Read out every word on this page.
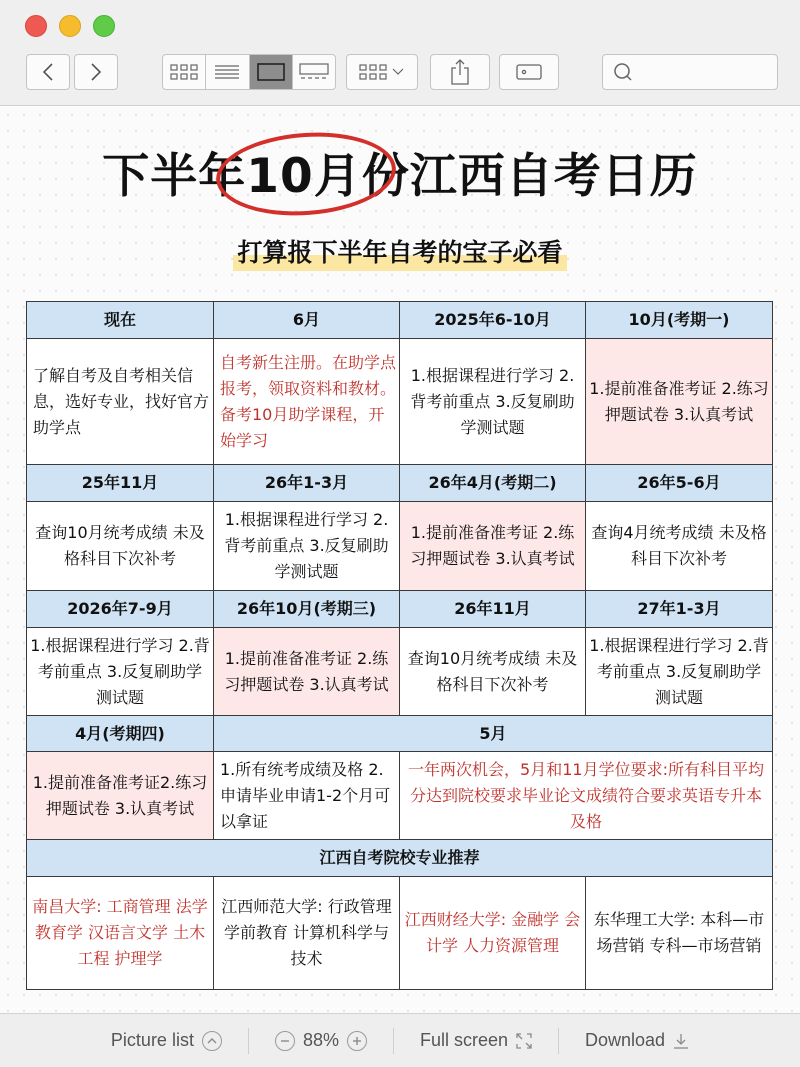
下半年10月份江西自考日历
打算报下半年自考的宝子必看
现在	6月	2025年6-10月	10月(考期一)
了解自考及自考相关信息，选好专业，找好官方助学点	自考新生注册。在助学点报考，领取资料和教材。备考10月助学课程，开始学习	1.根据课程进行学习 2.背考前重点 3.反复刷助学测试题	1.提前准备准考证 2.练习押题试卷 3.认真考试
25年11月	26年1-3月	26年4月(考期二)	26年5-6月
查询10月统考成绩 未及格科目下次补考	1.根据课程进行学习 2.背考前重点 3.反复刷助学测试题	1.提前准备准考证 2.练习押题试卷 3.认真考试	查询4月统考成绩 未及格科目下次补考
2026年7-9月	26年10月(考期三)	26年11月	27年1-3月
1.根据课程进行学习 2.背考前重点 3.反复刷助学测试题	1.提前准备准考证 2.练习押题试卷 3.认真考试	查询10月统考成绩 未及格科目下次补考	1.根据课程进行学习 2.背考前重点 3.反复刷助学测试题
4月(考期四)	5月		
1.提前准备准考证2.练习押题试卷 3.认真考试	1.所有统考成绩及格 2.申请毕业申请1-2个月可以拿证	一年两次机会，5月和11月学位要求:所有科目平均分达到院校要求毕业论文成绩符合要求英语专升本及格	
江西自考院校专业推荐			
南昌大学: 工商管理 法学 教育学 汉语言文学 土木工程 护理学	江西师范大学: 行政管理 学前教育 计算机科学与技术	江西财经大学: 金融学 会计学 人力资源管理	东华理工大学: 本科—市场营销 专科—市场营销
Picture list	88%	Full screen	Download
